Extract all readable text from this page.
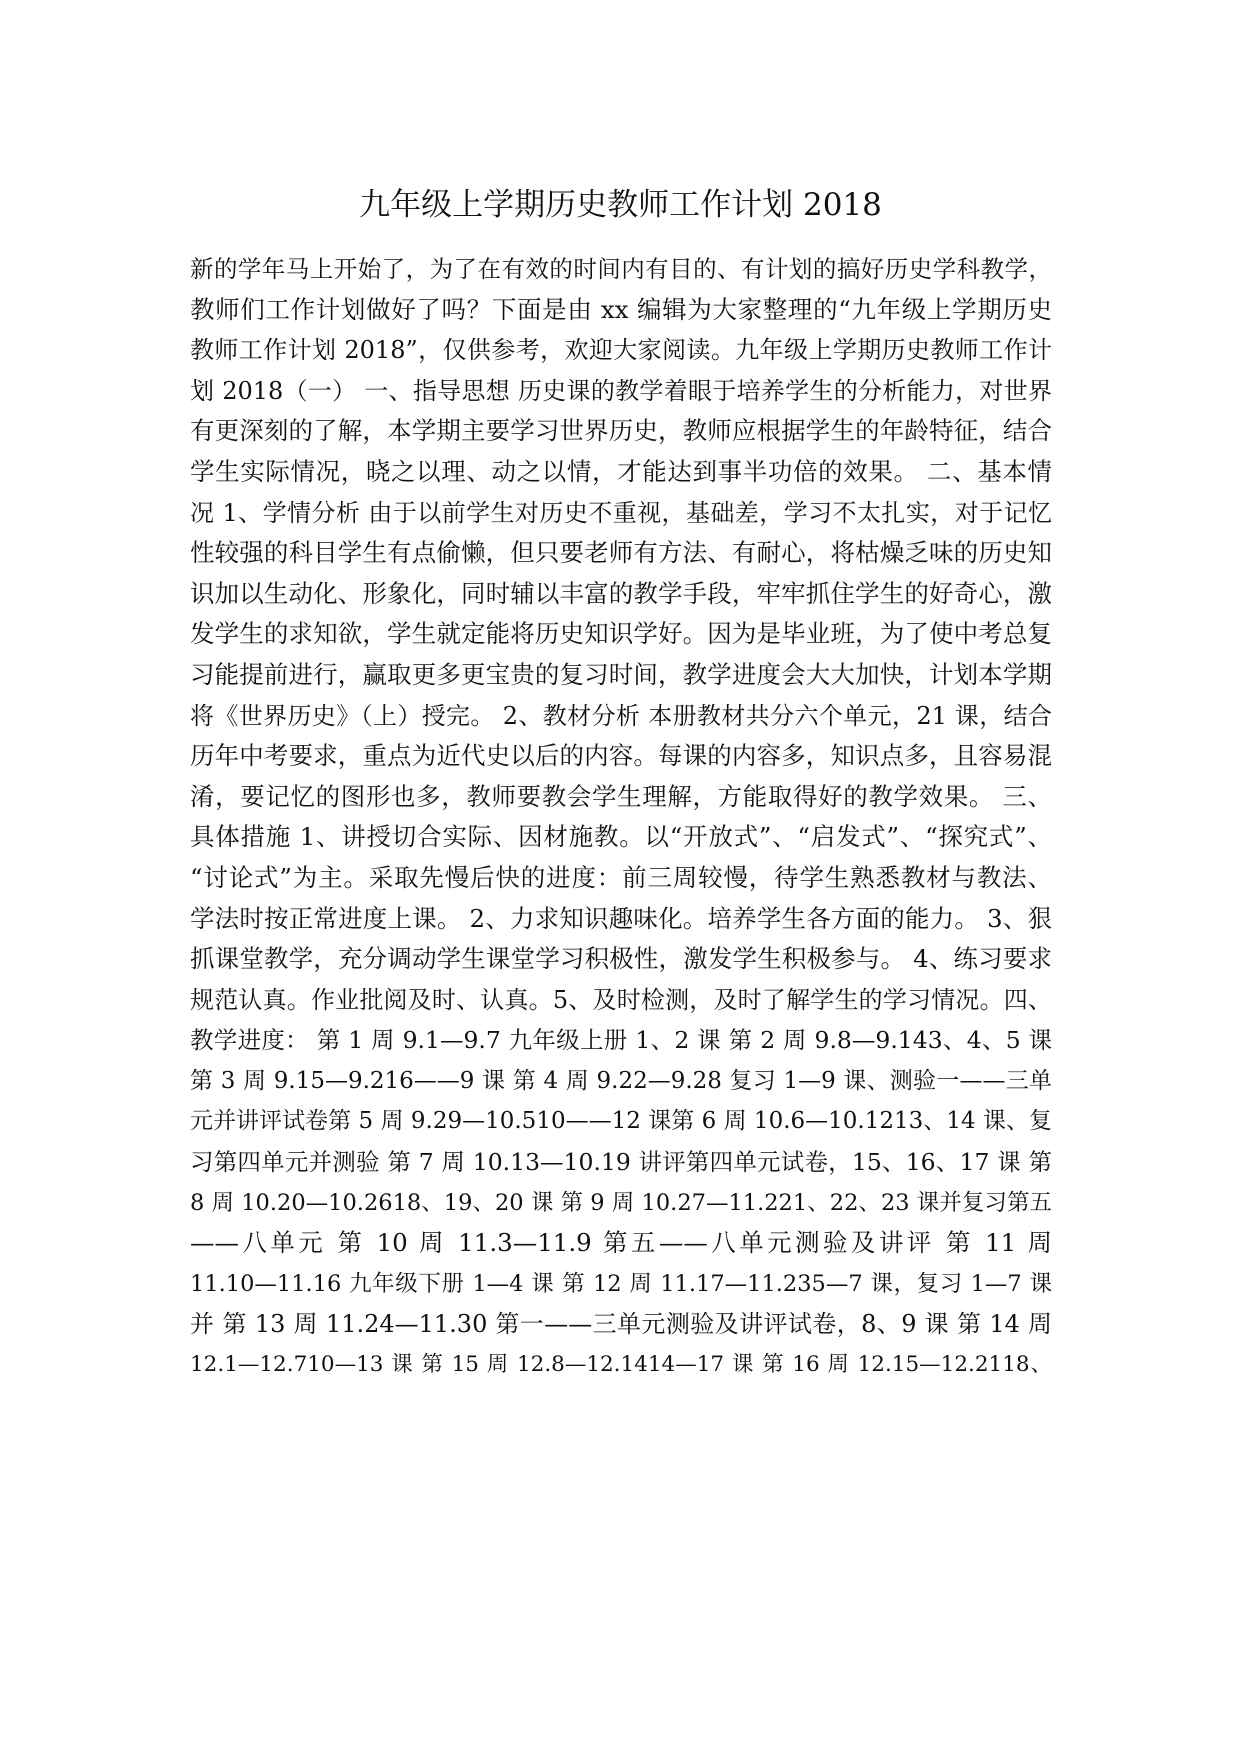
九年级上学期历史教师工作计划 2018
新的学年马上开始了，为了在有效的时间内有目的、有计划的搞好历史学科教学，
教师们工作计划做好了吗？下面是由 xx 编辑为大家整理的“九年级上学期历史
教师工作计划 2018”，仅供参考，欢迎大家阅读。九年级上学期历史教师工作计
划 2018（一） 一、指导思想 历史课的教学着眼于培养学生的分析能力，对世界
有更深刻的了解，本学期主要学习世界历史，教师应根据学生的年龄特征，结合
学生实际情况，晓之以理、动之以情，才能达到事半功倍的效果。 二、基本情
况 1、学情分析 由于以前学生对历史不重视，基础差，学习不太扎实，对于记忆
性较强的科目学生有点偷懒，但只要老师有方法、有耐心，将枯燥乏味的历史知
识加以生动化、形象化，同时辅以丰富的教学手段，牢牢抓住学生的好奇心，激
发学生的求知欲，学生就定能将历史知识学好。因为是毕业班，为了使中考总复
习能提前进行，赢取更多更宝贵的复习时间，教学进度会大大加快，计划本学期
将《世界历史》（上）授完。 2、教材分析 本册教材共分六个单元，21 课，结合
历年中考要求，重点为近代史以后的内容。每课的内容多，知识点多，且容易混
淆，要记忆的图形也多，教师要教会学生理解，方能取得好的教学效果。 三、
具体措施 1、讲授切合实际、因材施教。以“开放式”、“启发式”、“探究式”、
“讨论式”为主。采取先慢后快的进度：前三周较慢，待学生熟悉教材与教法、
学法时按正常进度上课。 2、力求知识趣味化。培养学生各方面的能力。 3、狠
抓课堂教学，充分调动学生课堂学习积极性，激发学生积极参与。 4、练习要求
规范认真。作业批阅及时、认真。5、及时检测，及时了解学生的学习情况。四、
教学进度： 第 1 周 9.1—9.7 九年级上册 1、2 课 第 2 周 9.8—9.143、4、5 课
第 3 周 9.15—9.216——9 课 第 4 周 9.22—9.28 复习 1—9 课、测验一——三单
元并讲评试卷第 5 周 9.29—10.510——12 课第 6 周 10.6—10.1213、14 课、复
习第四单元并测验 第 7 周 10.13—10.19 讲评第四单元试卷，15、16、17 课 第
8 周 10.20—10.2618、19、20 课 第 9 周 10.27—11.221、22、23 课并复习第五
——八单元 第 10 周 11.3—11.9 第五——八单元测验及讲评 第 11 周
11.10—11.16 九年级下册 1—4 课 第 12 周 11.17—11.235—7 课，复习 1—7 课
并 第 13 周 11.24—11.30 第一——三单元测验及讲评试卷，8、9 课 第 14 周
12.1—12.710—13 课 第 15 周 12.8—12.1414—17 课 第 16 周 12.15—12.2118、
